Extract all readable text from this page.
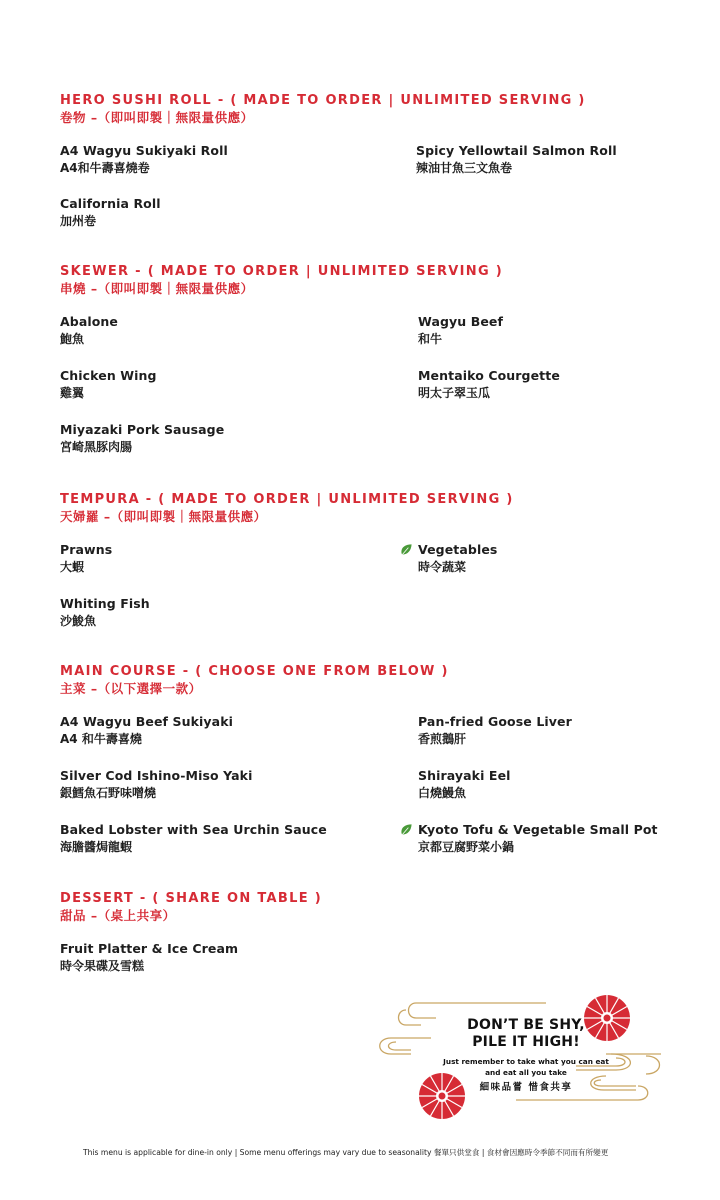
HERO SUSHI ROLL - ( MADE TO ORDER | UNLIMITED SERVING )
卷物 –（即叫即製｜無限量供應）
A4 Wagyu Sukiyaki Roll
A4和牛壽喜燒卷
Spicy Yellowtail Salmon Roll
辣油甘魚三文魚卷
California Roll
加州卷
SKEWER - ( MADE TO ORDER | UNLIMITED SERVING )
串燒 –（即叫即製｜無限量供應）
Abalone
鮑魚
Wagyu Beef
和牛
Chicken Wing
雞翼
Mentaiko Courgette
明太子翠玉瓜
Miyazaki Pork Sausage
宮崎黑豚肉腸
TEMPURA - ( MADE TO ORDER | UNLIMITED SERVING )
天婦羅 –（即叫即製｜無限量供應）
Prawns
大蝦
Vegetables
時令蔬菜
Whiting Fish
沙鮻魚
MAIN COURSE - ( CHOOSE ONE FROM BELOW )
主菜 –（以下選擇一款）
A4 Wagyu Beef Sukiyaki
A4 和牛壽喜燒
Pan-fried Goose Liver
香煎鵝肝
Silver Cod Ishino-Miso Yaki
銀鱈魚石野味噌燒
Shirayaki Eel
白燒鰻魚
Baked Lobster with Sea Urchin Sauce
海膽醬焗龍蝦
Kyoto Tofu & Vegetable Small Pot
京都豆腐野菜小鍋
DESSERT - ( SHARE ON TABLE )
甜品 –（桌上共享）
Fruit Platter & Ice Cream
時令果碟及雪糕
DON’T BE SHY,
PILE IT HIGH!
Just remember to take what you can eat
and eat all you take
細味品嘗 惜食共享
This menu is applicable for dine-in only | Some menu offerings may vary due to seasonality 餐單只供堂食 | 食材會因應時令季節不同而有所變更
